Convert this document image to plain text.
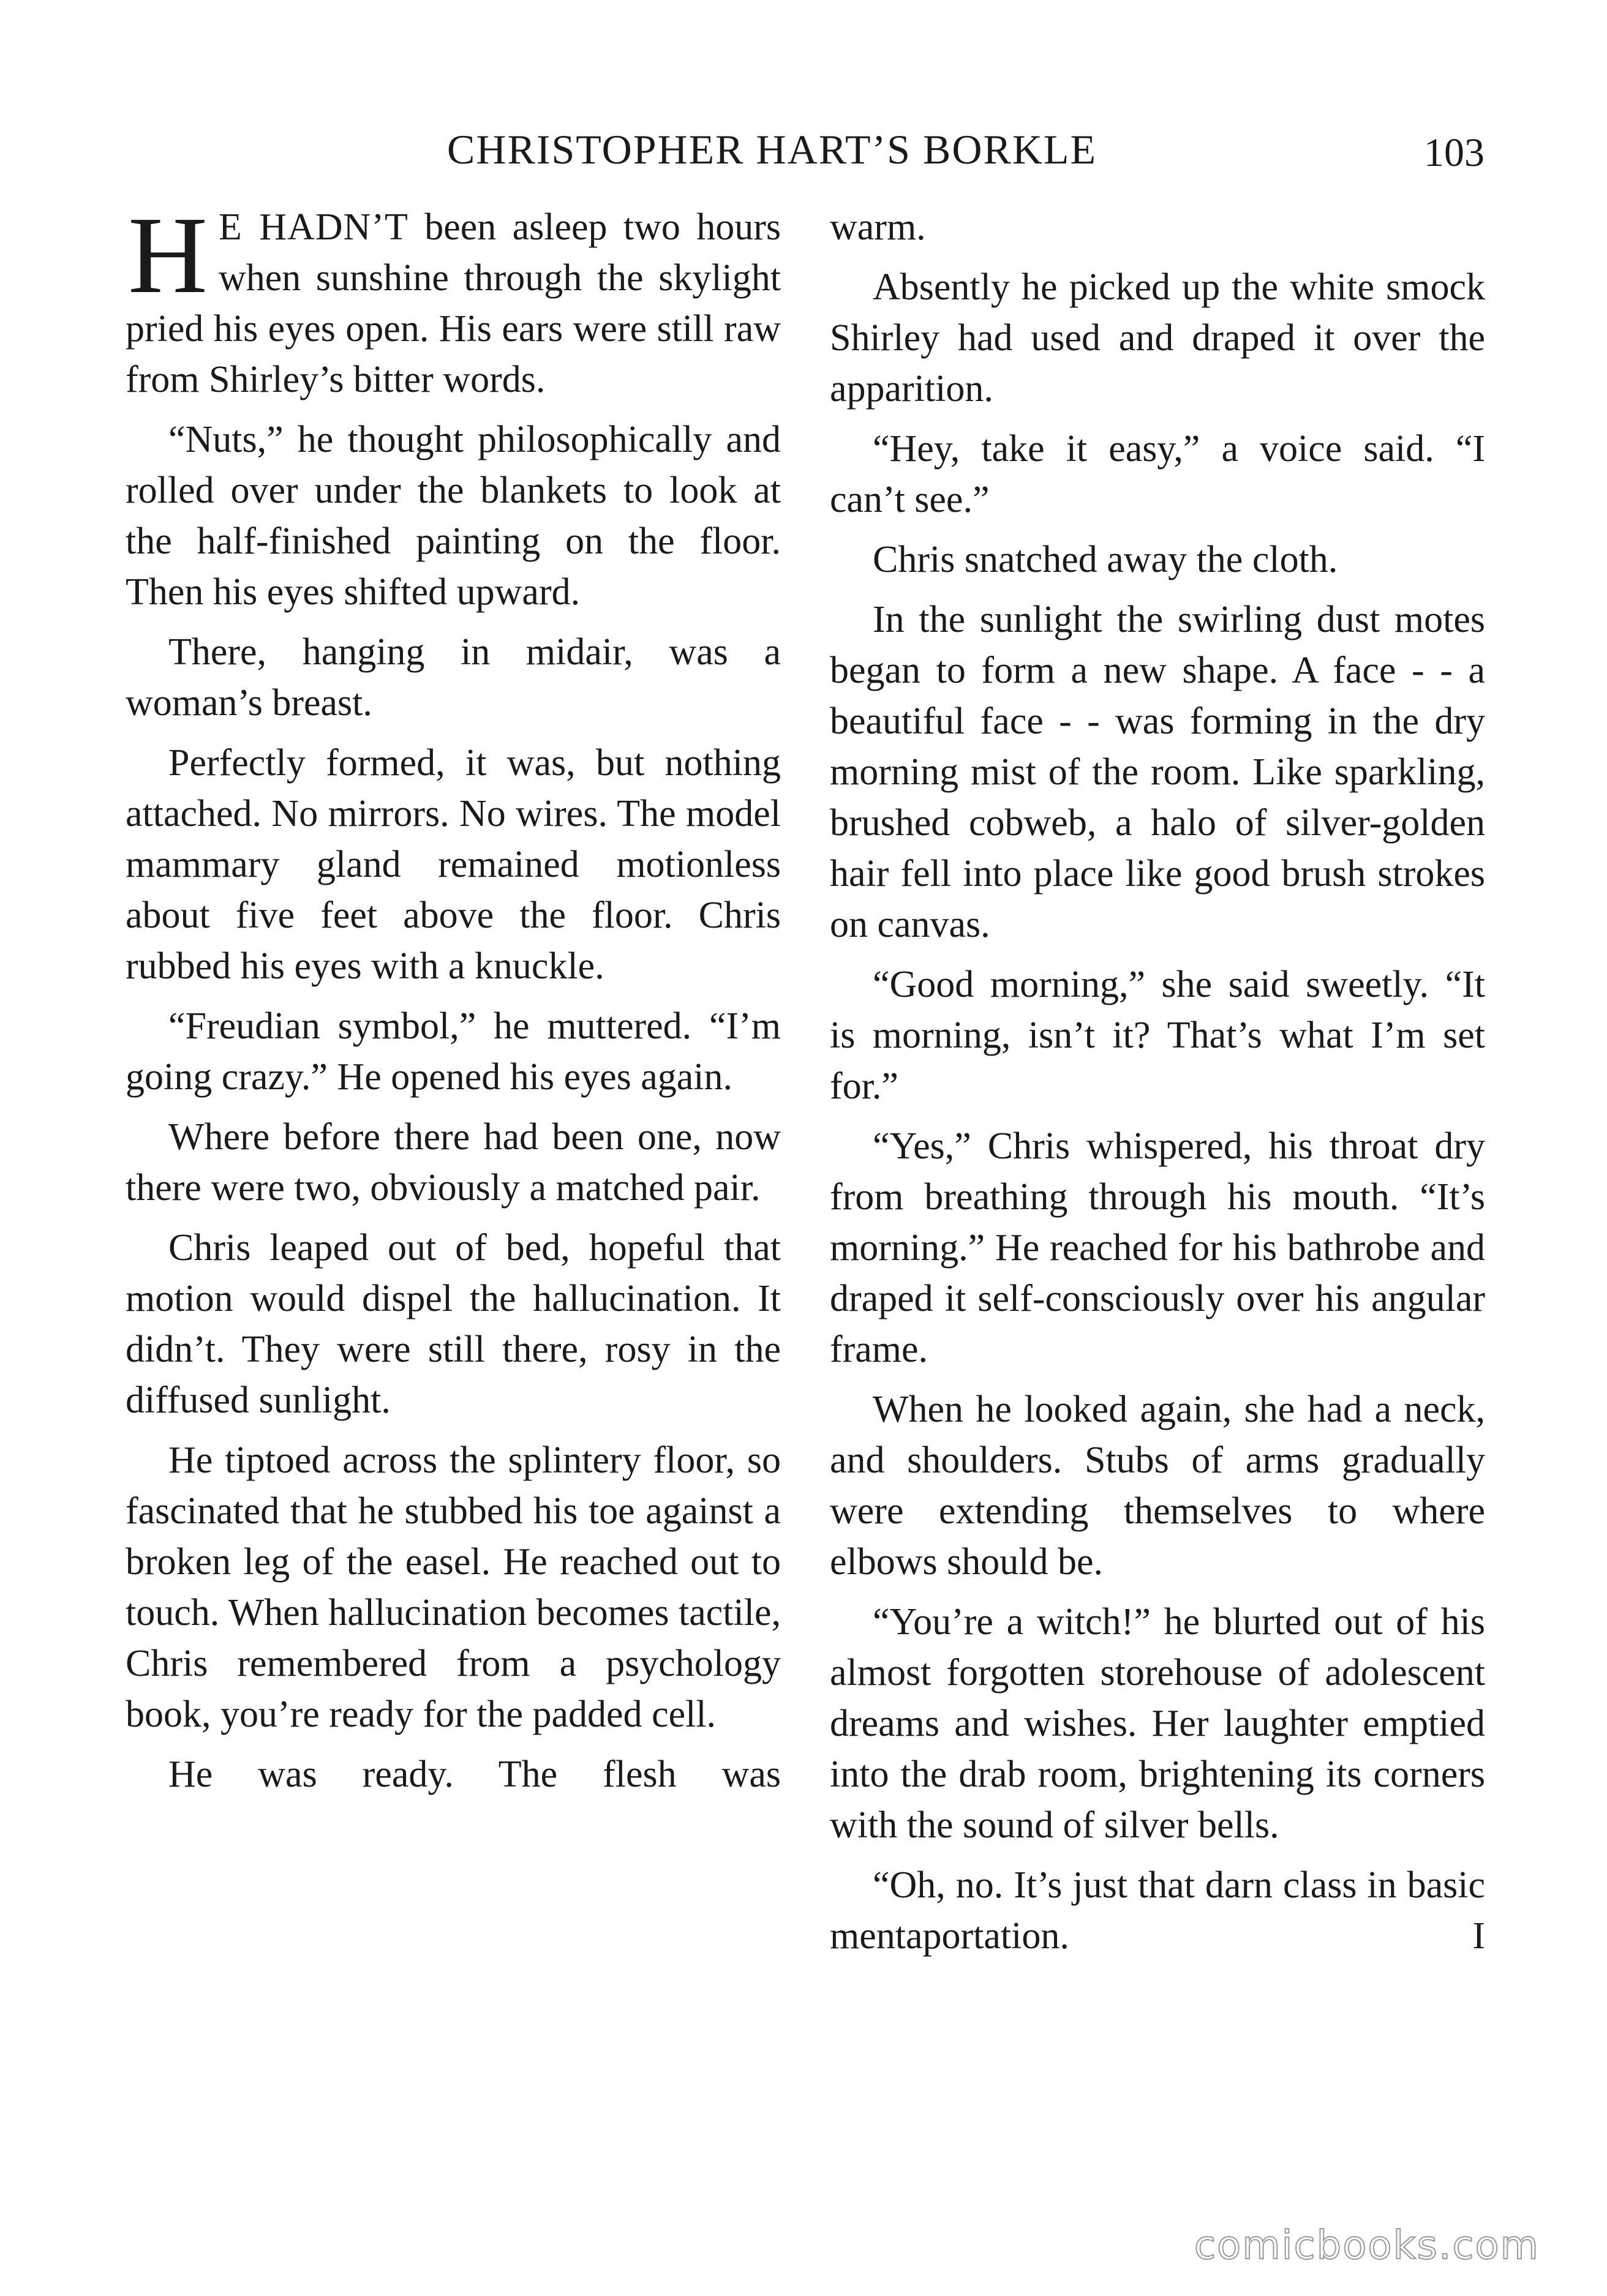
CHRISTOPHER HART’S BORKLE	103

H E HADN’T been asleep two hours when sunshine through the skylight pried his eyes open. His ears were still raw from Shirley’s bitter words.

“Nuts,” he thought philosophically and rolled over under the blankets to look at the half-finished painting on the floor. Then his eyes shifted upward.

There, hanging in midair, was a woman’s breast.

Perfectly formed, it was, but nothing attached. No mirrors. No wires. The model mammary gland remained motionless about five feet above the floor. Chris rubbed his eyes with a knuckle.

“Freudian symbol,” he muttered. “I’m going crazy.” He opened his eyes again.

Where before there had been one, now there were two, obviously a matched pair.

Chris leaped out of bed, hopeful that motion would dispel the hallucination. It didn’t. They were still there, rosy in the diffused sunlight.

He tiptoed across the splintery floor, so fascinated that he stubbed his toe against a broken leg of the easel. He reached out to touch. When hallucination becomes tactile, Chris remembered from a psychology book, you’re ready for the padded cell.

He was ready. The flesh was

warm.

Absently he picked up the white smock Shirley had used and draped it over the apparition.

“Hey, take it easy,” a voice said. “I can’t see.”

Chris snatched away the cloth.

In the sunlight the swirling dust motes began to form a new shape. A face - - a beautiful face - - was forming in the dry morning mist of the room. Like sparkling, brushed cobweb, a halo of silver-golden hair fell into place like good brush strokes on canvas.

“Good morning,” she said sweetly. “It is morning, isn’t it? That’s what I’m set for.”

“Yes,” Chris whispered, his throat dry from breathing through his mouth. “It’s morning.” He reached for his bathrobe and draped it self-consciously over his angular frame.

When he looked again, she had a neck, and shoulders. Stubs of arms gradually were extending themselves to where elbows should be.

“You’re a witch!” he blurted out of his almost forgotten storehouse of adolescent dreams and wishes. Her laughter emptied into the drab room, brightening its corners with the sound of silver bells.

“Oh, no. It’s just that darn class in basic mentaportation. I

comicbooks.com
